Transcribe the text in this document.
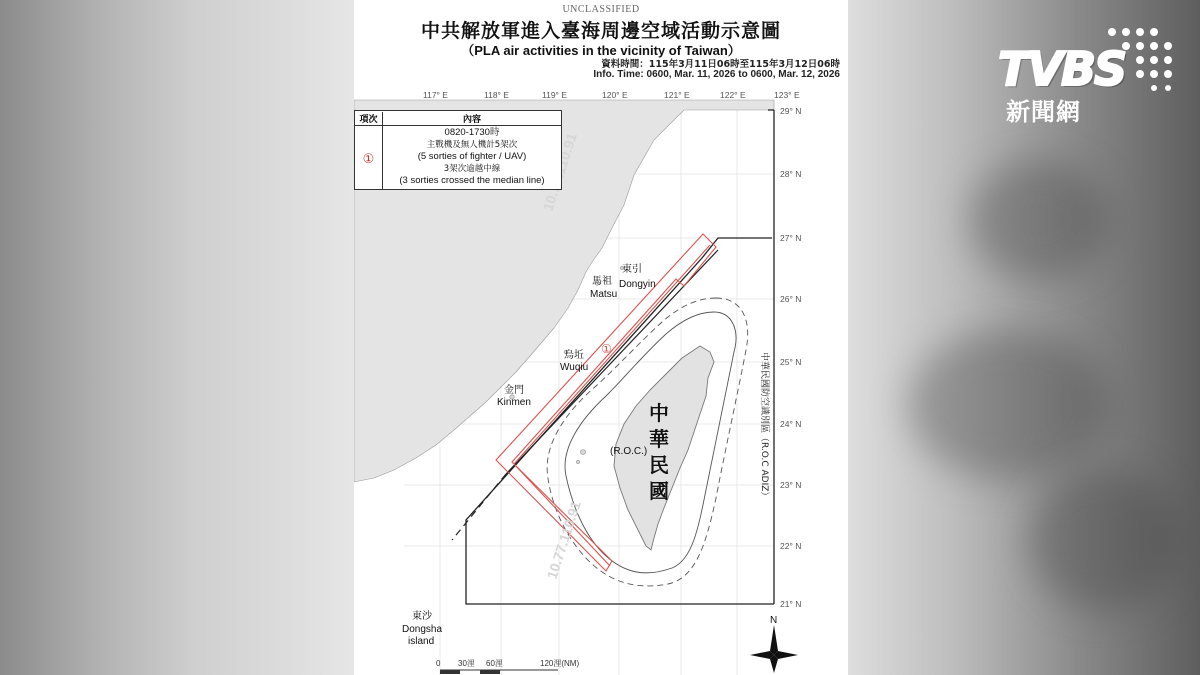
UNCLASSIFIED
中共解放軍進入臺海周邊空域活動示意圖
（PLA air activities in the vicinity of Taiwan）
資料時間：115年3月11日06時至115年3月12日06時
Info. Time: 0600, Mar. 11, 2026 to 0600, Mar. 12, 2026
①
10.77.110.91
117° E	118° E	119° E	120° E	121° E	122° E	123° E
29° N
28° N
27° N
26° N
25° N
24° N
23° N
22° N
21° N
東引
Dongyin
馬祖
Matsu
烏坵
Wuqiu
金門
Kinmen
東沙
Dongsha
island
(R.O.C.)
中
華
民
國	中華民國防空識別區（R.O.C ADIZ）
0 30浬 60浬	120浬(NM)
N
項次	內容
①
0820-1730時
主戰機及無人機計5架次
(5 sorties of fighter / UAV)
3架次逾越中線
(3 sorties crossed the median line)
TVBS
新聞網
